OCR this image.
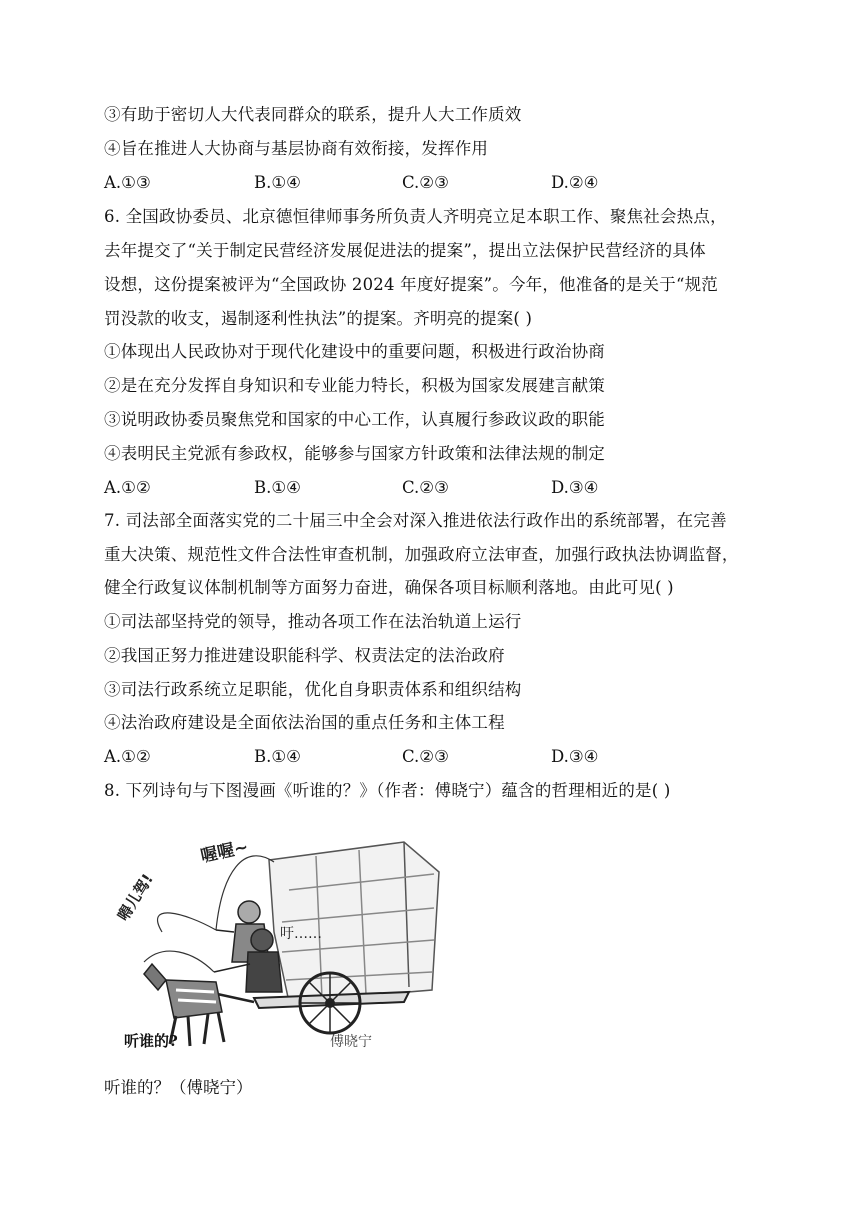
③有助于密切人大代表同群众的联系，提升人大工作质效
④旨在推进人大协商与基层协商有效衔接，发挥作用
A.①③	B.①④	C.②③	D.②④
6. 全国政协委员、北京德恒律师事务所负责人齐明亮立足本职工作、聚焦社会热点，
去年提交了“关于制定民营经济发展促进法的提案”，提出立法保护民营经济的具体
设想，这份提案被评为“全国政协 2024 年度好提案”。今年，他准备的是关于“规范
罚没款的收支，遏制逐利性执法”的提案。齐明亮的提案( )
①体现出人民政协对于现代化建设中的重要问题，积极进行政治协商
②是在充分发挥自身知识和专业能力特长，积极为国家发展建言献策
③说明政协委员聚焦党和国家的中心工作，认真履行参政议政的职能
④表明民主党派有参政权，能够参与国家方针政策和法律法规的制定
A.①②	B.①④	C.②③	D.③④
7. 司法部全面落实党的二十届三中全会对深入推进依法行政作出的系统部署，在完善
重大决策、规范性文件合法性审查机制，加强政府立法审查，加强行政执法协调监督，
健全行政复议体制机制等方面努力奋进，确保各项目标顺利落地。由此可见( )
①司法部坚持党的领导，推动各项工作在法治轨道上运行
②我国正努力推进建设职能科学、权责法定的法治政府
③司法行政系统立足职能，优化自身职责体系和组织结构
④法治政府建设是全面依法治国的重点任务和主体工程
A.①②	B.①④	C.②③	D.③④
8. 下列诗句与下图漫画《听谁的？》（作者：傅晓宁）蕴含的哲理相近的是( )
喔喔~
嘚儿驾!
吁……
听谁的?	傅晓宁
听谁的？（傅晓宁）
